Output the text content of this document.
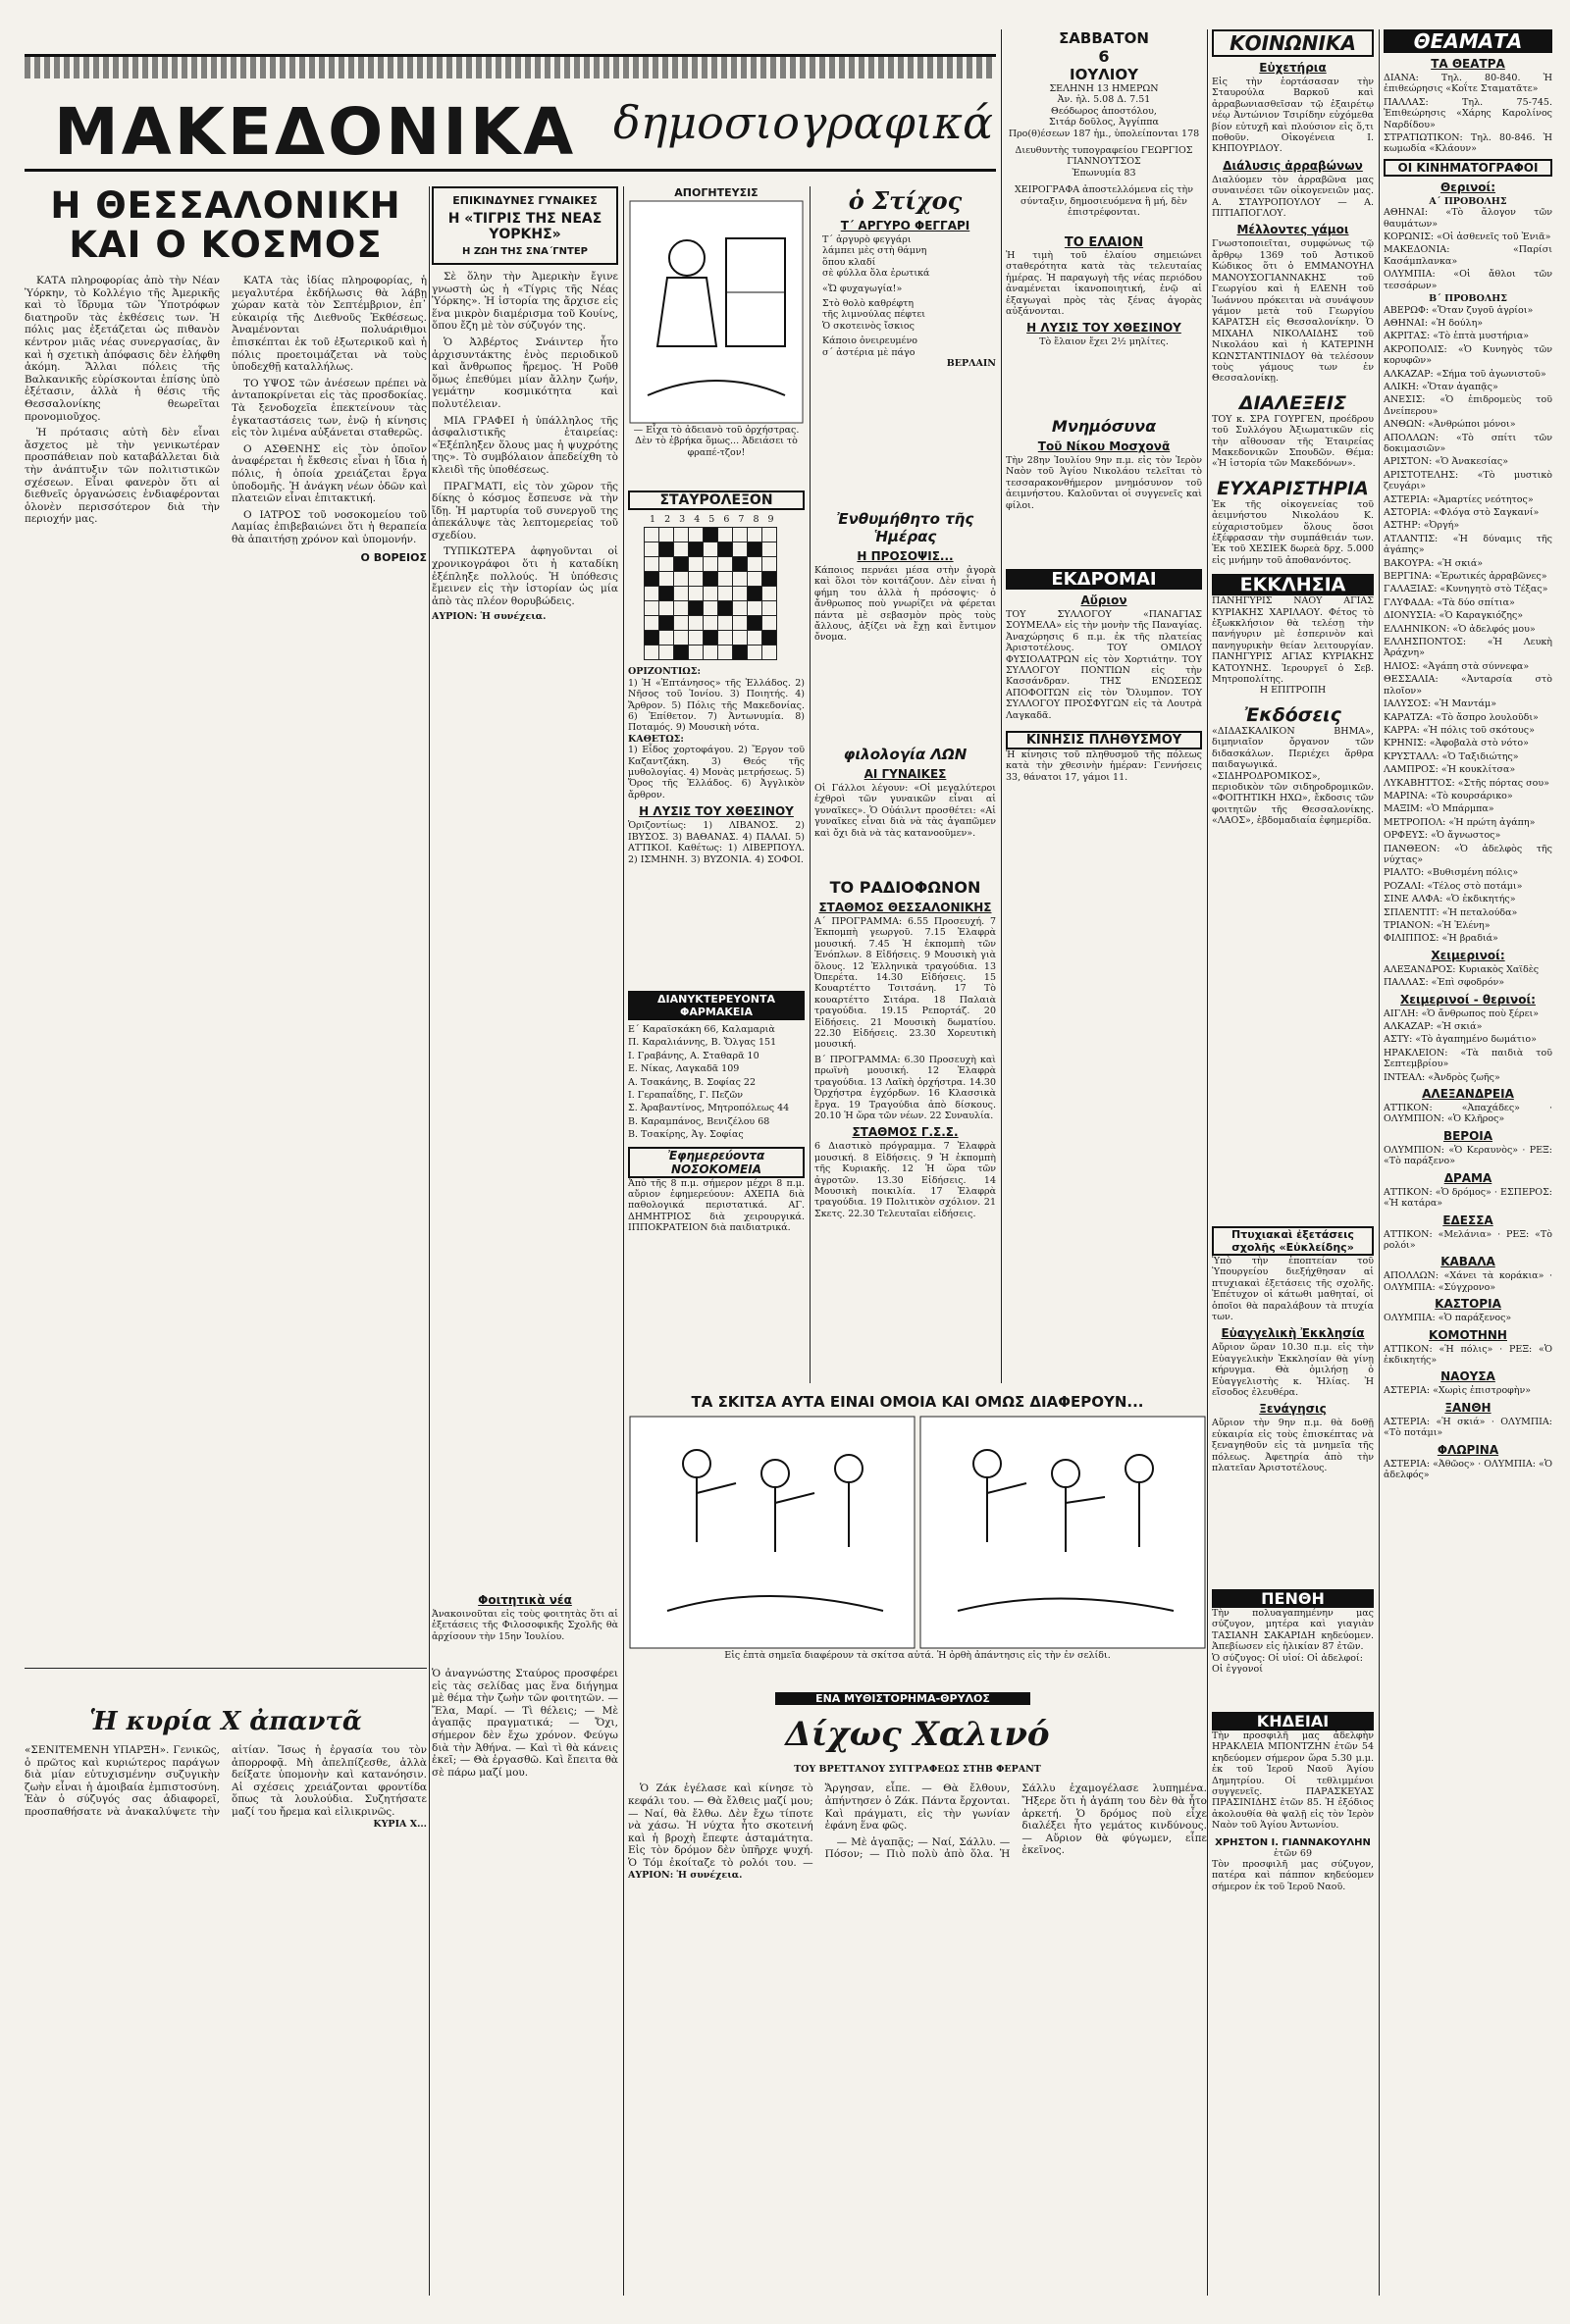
ΜΑΚΕΔΟΝΙΚΑ δημοσιογραφικά
ΣΑΒΒΑΤΟΝ
6
ΙΟΥΛΙΟΥ
ΣΕΛΗΝΗ 13 ΗΜΕΡΩΝ
Ἀν. ἡλ. 5.08 Δ. 7.51
Θεόδωρος ἀποστόλου,
Σιτάρ δοῦλος, Ἀγγίππα
Προ(θ)έσεων 187 ἡμ., ὑπολείπονται 178
Διευθυντὴς τυπογραφείου ΓΕΩΡΓΙΟΣ ΓΙΑΝΝΟΥΤΣΟΣ
Ἐπωνυμία 83
ΧΕΙΡΟΓΡΑΦΑ ἀποστελλόμενα εἰς τὴν σύνταξιν, δημοσιευόμενα ἢ μή, δὲν ἐπιστρέφονται.
ΚΟΙΝΩΝΙΚΑ
Εὐχετήρια
Εἰς τὴν ἑορτάσασαν τὴν Σταυρούλα Βαρκοῦ καὶ ἀρραβωνιασθεῖσαν τῷ ἐξαιρέτῳ νέῳ Ἀντώνιον Τσιρίδην εὐχόμεθα βίον εὐτυχῆ καὶ πλούσιον εἰς ὅ,τι ποθοῦν. Οἰκογένεια Ι. ΚΗΠΟΥΡΙΔΟΥ.
Διάλυσις ἀρραβώνων
Διαλύομεν τὸν ἀρραβῶνα μας συναινέσει τῶν οἰκογενειῶν μας. Α. ΣΤΑΥΡΟΠΟΥΛΟΥ — Α. ΠΙΤΙΑΠΟΓΛΟΥ.
Μέλλοντες γάμοι
Γνωστοποιεῖται, συμφώνως τῷ ἄρθρῳ 1369 τοῦ Ἀστικοῦ Κώδικος ὅτι ὁ ΕΜΜΑΝΟΥΗΛ ΜΑΝΟΥΣΟΓΙΑΝΝΑΚΗΣ τοῦ Γεωργίου καὶ ἡ ΕΛΕΝΗ τοῦ Ἰωάννου πρόκειται νὰ συνάψουν γάμον μετὰ τοῦ Γεωργίου ΚΑΡΑΤΣΗ εἰς Θεσσαλονίκην. Ὁ ΜΙΧΑΗΛ ΝΙΚΟΛΑΙΔΗΣ τοῦ Νικολάου καὶ ἡ ΚΑΤΕΡΙΝΗ ΚΩΝΣΤΑΝΤΙΝΙΔΟΥ θὰ τελέσουν τοὺς γάμους των ἐν Θεσσαλονίκῃ.
ΔΙΑΛΕΞΕΙΣ
ΤΟΥ κ. ΣΡΑ ΓΟΥΡΓΕΝ, προέδρου τοῦ Συλλόγου Ἀξιωματικῶν εἰς τὴν αἴθουσαν τῆς Ἑταιρείας Μακεδονικῶν Σπουδῶν. Θέμα: «Ἡ ἱστορία τῶν Μακεδόνων».
ΕΥΧΑΡΙΣΤΗΡΙΑ
Ἐκ τῆς οἰκογενείας τοῦ ἀειμνήστου Νικολάου Κ. εὐχαριστοῦμεν ὅλους ὅσοι ἐξέφρασαν τὴν συμπάθειάν των. Ἐκ τοῦ ΧΕΣΙΕΚ δωρεὰ δρχ. 5.000 εἰς μνήμην τοῦ ἀποθανόντος.
ΕΚΚΛΗΣΙΑ
ΠΑΝΗΓΥΡΙΣ ΝΑΟΥ ΑΓΙΑΣ ΚΥΡΙΑΚΗΣ ΧΑΡΙΛΑΟΥ. Φέτος τὸ ἐξωκκλήσιον θὰ τελέσῃ τὴν πανήγυριν μὲ ἑσπερινὸν καὶ πανηγυρικὴν θείαν λειτουργίαν. ΠΑΝΗΓΥΡΙΣ ΑΓΙΑΣ ΚΥΡΙΑΚΗΣ ΚΑΤΟΥΝΗΣ. Ἰερουργεῖ ὁ Σεβ. Μητροπολίτης.
Η ΕΠΙΤΡΟΠΗ
Ἐκδόσεις
«ΔΙΔΑΣΚΑΛΙΚΟΝ ΒΗΜΑ», διμηνιαῖον ὄργανον τῶν διδασκάλων. Περιέχει ἄρθρα παιδαγωγικά. «ΣΙΔΗΡΟΔΡΟΜΙΚΟΣ», περιοδικὸν τῶν σιδηροδρομικῶν. «ΦΟΙΤΗΤΙΚΗ ΗΧΩ», ἔκδοσις τῶν φοιτητῶν τῆς Θεσσαλονίκης. «ΛΑΟΣ», ἑβδομαδιαία ἐφημερίδα.
ΘΕΑΜΑΤΑ
ΤΑ ΘΕΑΤΡΑ
ΔΙΑΝΑ: Τηλ. 80-840. Ἡ ἐπιθεώρησις «Κοΐτε Σταματᾶτε»
ΠΑΛΛΑΣ: Τηλ. 75-745. Ἐπιθεώρησις «Χάρης Καρολίνος Ναρδίδου»
ΣΤΡΑΤΙΩΤΙΚΟΝ: Τηλ. 80-846. Ἡ κωμωδία «Κλάουν»
ΟΙ ΚΙΝΗΜΑΤΟΓΡΑΦΟΙ
Θερινοί:
Α΄ ΠΡΟΒΟΛΗΣ
ΑΘΗΝΑΙ: «Τὸ ἄλογον τῶν θαυμάτων»
ΚΟΡΩΝΙΣ: «Οἱ ἀσθενεῖς τοῦ Ἐνιᾶ»
ΜΑΚΕΔΟΝΙΑ: «Παρίσι Κασάμπλανκα»
ΟΛΥΜΠΙΑ: «Οἱ ἄθλοι τῶν τεσσάρων»
Β΄ ΠΡΟΒΟΛΗΣ
ΑΒΕΡΩΦ: «Ὅταν ζυγοῦ ἀγρίοι»
ΑΘΗΝΑΙ: «Ἡ δούλη»
ΑΚΡΙΤΑΣ: «Τὸ ἑπτὰ μυστήρια»
ΑΚΡΟΠΟΛΙΣ: «Ὁ Κυνηγὸς τῶν κορυφῶν»
ΑΛΚΑΖΑΡ: «Σήμα τοῦ ἀγωνιστοῦ»
ΑΛΙΚΗ: «Ὅταν ἀγαπᾷς»
ΑΝΕΣΙΣ: «Ὁ ἐπιδρομεὺς τοῦ Δνείπερου»
ΑΝΘΩΝ: «Ἀνθρώποι μόνοι»
ΑΠΟΛΛΩΝ: «Τὸ σπίτι τῶν δοκιμασιῶν»
ΑΡΙΣΤΟΝ: «Ὁ Ἀνακεσίας»
ΑΡΙΣΤΟΤΕΛΗΣ: «Τὸ μυστικὸ ζευγάρι»
ΑΣΤΕΡΙΑ: «Ἀμαρτίες νεότητος»
ΑΣΤΟΡΙΑ: «Φλόγα στὸ Σαγκανί»
ΑΣΤΗΡ: «Ὀργή»
ΑΤΛΑΝΤΙΣ: «Ἡ δύναμις τῆς ἀγάπης»
ΒΑΚΟΥΡΑ: «Ἡ σκιά»
ΒΕΡΓΙΝΑ: «Ἐρωτικές ἀρραβῶνες»
ΓΑΛΑΞΙΑΣ: «Κυνηγητὸ στὸ Τέξας»
ΓΛΥΦΑΔΑ: «Τὰ δύο σπίτια»
ΔΙΟΝΥΣΙΑ: «Ὁ Καραγκιόζης»
ΕΛΛΗΝΙΚΟΝ: «Ὁ ἀδελφός μου»
ΕΛΛΗΣΠΟΝΤΟΣ: «Ἡ Λευκὴ Ἀράχνη»
ΗΛΙΟΣ: «Ἀγάπη στὰ σύννεφα»
ΘΕΣΣΑΛΙΑ: «Ἀνταρσία στὸ πλοῖον»
ΙΑΛΥΣΟΣ: «Ἡ Μαντάμ»
ΚΑΡΑΤΖΑ: «Τὸ ἄσπρο λουλοῦδι»
ΚΑΡΡΑ: «Ἡ πόλις τοῦ σκότους»
ΚΡΗΝΙΣ: «Ἀφοβαλὰ στὸ νότο»
ΚΡΥΣΤΑΛΛ: «Ὁ Ταξιδιώτης»
ΛΑΜΠΡΟΣ: «Ἡ κουκλίτσα»
ΛΥΚΑΒΗΤΤΟΣ: «Στῆς πόρτας σου»
ΜΑΡΙΝΑ: «Τὸ κουρσάρικο»
ΜΑΞΙΜ: «Ὁ Μπάρμπα»
ΜΕΤΡΟΠΟΛ: «Ἡ πρώτη ἀγάπη»
ΟΡΦΕΥΣ: «Ὁ ἄγνωστος»
ΠΑΝΘΕΟΝ: «Ὁ ἀδελφὸς τῆς νύχτας»
ΡΙΑΛΤΟ: «Βυθισμένη πόλις»
ΡΟΖΑΛΙ: «Τέλος στὸ ποτάμι»
ΣΙΝΕ ΑΛΦΑ: «Ὁ ἐκδικητής»
ΣΠΛΕΝΤΙΤ: «Ἡ πεταλούδα»
ΤΡΙΑΝΟΝ: «Ἡ Ἐλένη»
ΦΙΛΙΠΠΟΣ: «Ἡ βραδιά»
Χειμερινοί:
ΑΛΕΞΑΝΔΡΟΣ: Κυριακὸς Χαϊδὲς
ΠΑΛΛΑΣ: «Ἐπὶ σφοδρόν»
Χειμερινοί - θερινοί:
ΑΙΓΛΗ: «Ὁ ἄνθρωπος ποὺ ξέρει»
ΑΛΚΑΖΑΡ: «Ἡ σκιά»
ΑΣΤΥ: «Τὸ ἀγαπημένο δωμάτιο»
ΗΡΑΚΛΕΙΟΝ: «Τὰ παιδιὰ τοῦ Σεπτεμβρίου»
ΙΝΤΕΑΛ: «Ἀνδρὸς ζωῆς»
ΑΛΕΞΑΝΔΡΕΙΑ
ΑΤΤΙΚΟΝ: «Ἀπαχάδες» · ΟΛΥΜΠΙΟΝ: «Ὁ Κλῆρος»
ΒΕΡΟΙΑ
ΟΛΥΜΠΙΟΝ: «Ὁ Κεραυνὸς» · ΡΕΞ: «Τὸ παράξενο»
ΔΡΑΜΑ
ΑΤΤΙΚΟΝ: «Ὁ δρόμος» · ΕΣΠΕΡΟΣ: «Ἡ κατάρα»
ΕΔΕΣΣΑ
ΑΤΤΙΚΟΝ: «Μελάνια» · ΡΕΞ: «Τὸ ρολόι»
ΚΑΒΑΛΑ
ΑΠΟΛΛΩΝ: «Χάνει τὰ κοράκια» · ΟΛΥΜΠΙΑ: «Σύγχρονο»
ΚΑΣΤΟΡΙΑ
ΟΛΥΜΠΙΑ: «Ὁ παράξενος»
ΚΟΜΟΤΗΝΗ
ΑΤΤΙΚΟΝ: «Ἡ πόλις» · ΡΕΞ: «Ὁ ἐκδικητής»
ΝΑΟΥΣΑ
ΑΣΤΕΡΙΑ: «Χωρὶς ἐπιστροφὴν»
ΞΑΝΘΗ
ΑΣΤΕΡΙΑ: «Ἡ σκιά» · ΟΛΥΜΠΙΑ: «Τὸ ποτάμι»
ΦΛΩΡΙΝΑ
ΑΣΤΕΡΙΑ: «Ἀθῶος» · ΟΛΥΜΠΙΑ: «Ὁ ἀδελφός»
Η ΘΕΣΣΑΛΟΝΙΚΗ ΚΑΙ Ο ΚΟΣΜΟΣ

ΚΑΤΑ πληροφορίας ἀπὸ τὴν Νέαν Ὑόρκην, τὸ Κολλέγιο τῆς Ἀμερικῆς καὶ τὸ ἵδρυμα τῶν Ὑποτρόφων διατηροῦν τὰς ἐκθέσεις των. Ἡ πόλις μας ἐξετάζεται ὡς πιθανὸν κέντρον μιᾶς νέας συνεργασίας, ἂν καὶ ἡ σχετικὴ ἀπόφασις δὲν ἐλήφθη ἀκόμη. Ἄλλαι πόλεις τῆς Βαλκανικῆς εὑρίσκονται ἐπίσης ὑπὸ ἐξέτασιν, ἀλλὰ ἡ θέσις τῆς Θεσσαλονίκης θεωρεῖται προνομιοῦχος.

Ἡ πρότασις αὐτὴ δὲν εἶναι ἄσχετος μὲ τὴν γενικωτέραν προσπάθειαν ποὺ καταβάλλεται διὰ τὴν ἀνάπτυξιν τῶν πολιτιστικῶν σχέσεων. Εἶναι φανερὸν ὅτι αἱ διεθνεῖς ὀργανώσεις ἐνδιαφέρονται ὁλονὲν περισσότερον διὰ τὴν περιοχήν μας.

ΚΑΤΑ τὰς ἰδίας πληροφορίας, ἡ μεγαλυτέρα ἐκδήλωσις θὰ λάβῃ χώραν κατὰ τὸν Σεπτέμβριον, ἐπ᾿ εὐκαιρίᾳ τῆς Διεθνοῦς Ἐκθέσεως. Ἀναμένονται πολυάριθμοι ἐπισκέπται ἐκ τοῦ ἐξωτερικοῦ καὶ ἡ πόλις προετοιμάζεται νὰ τοὺς ὑποδεχθῇ καταλλήλως.

ΤΟ ΥΨΟΣ τῶν ἀνέσεων πρέπει νὰ ἀνταποκρίνεται εἰς τὰς προσδοκίας. Τὰ ξενοδοχεῖα ἐπεκτείνουν τὰς ἐγκαταστάσεις των, ἐνῷ ἡ κίνησις εἰς τὸν λιμένα αὐξάνεται σταθερῶς.

Ο ΑΣΘΕΝΗΣ εἰς τὸν ὁποῖον ἀναφέρεται ἡ ἔκθεσις εἶναι ἡ ἴδια ἡ πόλις, ἡ ὁποία χρειάζεται ἔργα ὑποδομῆς. Ἡ ἀνάγκη νέων ὁδῶν καὶ πλατειῶν εἶναι ἐπιτακτική.

Ο ΙΑΤΡΟΣ τοῦ νοσοκομείου τοῦ Λαμίας ἐπιβεβαιώνει ὅτι ἡ θεραπεία θὰ ἀπαιτήσῃ χρόνον καὶ ὑπομονήν.

Ο ΒΟΡΕΙΟΣ
ΕΠΙΚΙΝΔΥΝΕΣ ΓΥΝΑΙΚΕΣ
Η «ΤΙΓΡΙΣ ΤΗΣ ΝΕΑΣ ΥΟΡΚΗΣ»
Η ΖΩΗ ΤΗΣ ΣΝΑ΄ΓΝΤΕΡ

Σὲ ὅλην τὴν Ἀμερικὴν ἔγινε γνωστὴ ὡς ἡ «Τίγρις τῆς Νέας Ὑόρκης». Ἡ ἱστορία της ἄρχισε εἰς ἕνα μικρὸν διαμέρισμα τοῦ Κουίνς, ὅπου ἔζη μὲ τὸν σύζυγόν της.

Ὁ Ἀλβέρτος Σνάιντερ ἦτο ἀρχισυντάκτης ἑνὸς περιοδικοῦ καὶ ἄνθρωπος ἤρεμος. Ἡ Ροῦθ ὅμως ἐπεθύμει μίαν ἄλλην ζωήν, γεμάτην κοσμικότητα καὶ πολυτέλειαν.

ΜΙΑ ΓΡΑΦΕΙ ἡ ὑπάλληλος τῆς ἀσφαλιστικῆς ἑταιρείας: «Ἐξέπληξεν ὅλους μας ἡ ψυχρότης της». Τὸ συμβόλαιον ἀπεδείχθη τὸ κλειδὶ τῆς ὑποθέσεως.

ΠΡΑΓΜΑΤΙ, εἰς τὸν χῶρον τῆς δίκης ὁ κόσμος ἔσπευσε νὰ τὴν ἴδῃ. Ἡ μαρτυρία τοῦ συνεργοῦ της ἀπεκάλυψε τὰς λεπτομερείας τοῦ σχεδίου.

ΤΥΠΙΚΩΤΕΡΑ ἀφηγοῦνται οἱ χρονικογράφοι ὅτι ἡ καταδίκη ἐξέπληξε πολλούς. Ἡ ὑπόθεσις ἔμεινεν εἰς τὴν ἱστορίαν ὡς μία ἀπὸ τὰς πλέον θορυβώδεις.

ΑΥΡΙΟΝ: Ἡ συνέχεια.
ΑΠΟΓΗΤΕΥΣΙΣ
— Εἶχα τὸ ἀδειανὸ τοῦ ὀρχήστρας. Δὲν τὸ ἐβρήκα ὅμως... Ἀδειάσει τὸ φραπέ-τζον!
ὁ Στίχος
Τ΄ ΑΡΓΥΡΟ ΦΕΓΓΑΡΙ
Τ΄ ἀργυρὸ φεγγάρι
λάμπει μὲς στὴ θάμνη
ὅπου κλαδί
σὲ φύλλα ὅλα ἐρωτικά
«Ὤ φυχαγωγία!»
Στὸ θολὸ καθρέφτη
τῆς λιμνούλας πέφτει
Ὁ σκοτεινὸς ἴσκιος
Κάποιο ὀνειρευμένο
σ΄ ἀστέρια μὲ πάγο
ΒΕΡΛΑΙΝ
ΣΤΑΥΡΟΛΕΞΟΝ
1 2 3 4 5 6 7 8 9

ΟΡΙΖΟΝΤΙΩΣ:
1) Ἡ «Ἑπτάνησος» τῆς Ἑλλάδος. 2) Νῆσος τοῦ Ἰονίου. 3) Ποιητής. 4) Ἄρθρον. 5) Πόλις τῆς Μακεδονίας. 6) Ἐπίθετον. 7) Ἀντωνυμία. 8) Ποταμός. 9) Μουσικὴ νότα.
ΚΑΘΕΤΩΣ:
1) Εἶδος χορτοφάγου. 2) Ἔργον τοῦ Καζαντζάκη. 3) Θεός τῆς μυθολογίας. 4) Μονὰς μετρήσεως. 5) Ὄρος τῆς Ἑλλάδος. 6) Ἀγγλικὸν ἄρθρον.
Η ΛΥΣΙΣ ΤΟΥ ΧΘΕΣΙΝΟΥ
Ὁριζοντίως: 1) ΛΙΒΑΝΟΣ. 2) ΙΒΥΣΟΣ. 3) ΒΑΘΑΝΑΣ. 4) ΠΑΛΑΙ. 5) ΑΤΤΙΚΟΙ. Καθέτως: 1) ΛΙΒΕΡΠΟΥΛ. 2) ΙΣΜΗΝΗ. 3) ΒΥΖΟΝΙΑ. 4) ΣΟΦΟΙ.
Ἐνθυμήθητο τῆς Ἡμέρας
Η ΠΡΟΣΟΨΙΣ...
Κάποιος περνάει μέσα στὴν ἀγορὰ καὶ ὅλοι τὸν κοιτάζουν. Δὲν εἶναι ἡ φήμη του ἀλλὰ ἡ πρόσοψις· ὁ ἄνθρωπος ποὺ γνωρίζει νὰ φέρεται πάντα μὲ σεβασμὸν πρὸς τοὺς ἄλλους, ἀξίζει νὰ ἔχῃ καὶ ἔντιμον ὄνομα.
φιλολογία ΛΩΝ
ΑΙ ΓΥΝΑΙΚΕΣ
Οἱ Γάλλοι λέγουν: «Οἱ μεγαλύτεροι ἐχθροὶ τῶν γυναικῶν εἶναι αἱ γυναῖκες». Ὁ Οὐάιλντ προσθέτει: «Αἱ γυναῖκες εἶναι διὰ νὰ τὰς ἀγαπῶμεν καὶ ὄχι διὰ νὰ τὰς κατανοοῦμεν».
ΤΟ ΡΑΔΙΟΦΩΝΟΝ
ΣΤΑΘΜΟΣ ΘΕΣΣΑΛΟΝΙΚΗΣ
Α΄ ΠΡΟΓΡΑΜΜΑ: 6.55 Προσευχή. 7 Ἐκπομπὴ γεωργοῦ. 7.15 Ἑλαφρὰ μουσική. 7.45 Ἡ ἐκπομπὴ τῶν Ἐνόπλων. 8 Εἰδήσεις. 9 Μουσικὴ γιὰ ὅλους. 12 Ἐλληνικὰ τραγούδια. 13 Ὀπερέτα. 14.30 Εἰδήσεις. 15 Κουαρτέττο Τσιτσάνη. 17 Τὸ κουαρτέττο Σιτάρα. 18 Παλαιὰ τραγούδια. 19.15 Ρεπορτάζ. 20 Εἰδήσεις. 21 Μουσικὴ δωματίου. 22.30 Εἰδήσεις. 23.30 Χορευτικὴ μουσική.
Β΄ ΠΡΟΓΡΑΜΜΑ: 6.30 Προσευχὴ καὶ πρωϊνὴ μουσική. 12 Ἐλαφρὰ τραγούδια. 13 Λαϊκὴ ὀρχήστρα. 14.30 Ὀρχήστρα ἐγχόρδων. 16 Κλασσικὰ ἔργα. 19 Τραγούδια ἀπὸ δίσκους. 20.10 Ἡ ὥρα τῶν νέων. 22 Συναυλία.
ΣΤΑΘΜΟΣ Γ.Σ.Σ.
6 Διαστικὸ πρόγραμμα. 7 Ἐλαφρὰ μουσική. 8 Εἰδήσεις. 9 Ἡ ἐκπομπὴ τῆς Κυριακῆς. 12 Ἡ ὥρα τῶν ἀγροτῶν. 13.30 Εἰδήσεις. 14 Μουσικὴ ποικιλία. 17 Ἐλαφρὰ τραγούδια. 19 Πολιτικὸν σχόλιον. 21 Σκετς. 22.30 Τελευταῖαι εἰδήσεις.
ΔΙΑΝΥΚΤΕΡΕΥΟΝΤΑ ΦΑΡΜΑΚΕΙΑ
Ε΄ Καραϊσκάκη 66, Καλαμαριὰ
Π. Καραλιάννης, Β. Ὄλγας 151
Ι. Γραβάνης, Α. Σταθαρᾶ 10
Ε. Νίκας, Λαγκαδᾶ 109
Α. Τσακάνης, Β. Σοφίας 22
Ι. Γεραπαΐδης, Γ. Πεζῶν
Σ. Ἀραβαντίνος, Μητροπόλεως 44
Β. Καραμπάνος, Βενιζέλου 68
Β. Τσακίρης, Ἁγ. Σοφίας
Ἐφημερεύοντα ΝΟΣΟΚΟΜΕΙΑ
Ἀπὸ τῆς 8 π.μ. σήμερον μέχρι 8 π.μ. αὔριον ἐφημερεύουν: ΑΧΕΠΑ διὰ παθολογικά περιστατικά. ΑΓ. ΔΗΜΗΤΡΙΟΣ διὰ χειρουργικά. ΙΠΠΟΚΡΑΤΕΙΟΝ διὰ παιδιατρικά.
ΤΟ ΕΛΑΙΟΝ
Ἡ τιμὴ τοῦ ἐλαίου σημειώνει σταθερότητα κατὰ τὰς τελευταίας ἡμέρας. Ἡ παραγωγὴ τῆς νέας περιόδου ἀναμένεται ἱκανοποιητική, ἐνῷ αἱ ἐξαγωγαὶ πρὸς τὰς ξένας ἀγορὰς αὐξάνονται.
Η ΛΥΣΙΣ ΤΟΥ ΧΘΕΣΙΝΟΥ
Τὸ ἔλαιον ἔχει 2½ μηλίτες.
Μνημόσυνα
Τοῦ Νίκου Μοσχονᾶ
Τὴν 28ην Ἰουλίου 9ην π.μ. εἰς τὸν Ἱερὸν Ναὸν τοῦ Ἁγίου Νικολάου τελεῖται τὸ τεσσαρακονθήμερον μνημόσυνον τοῦ ἀειμνήστου. Καλοῦνται οἱ συγγενεῖς καὶ φίλοι.
ΕΚΔΡΟΜΑΙ
Αὔριον
ΤΟΥ ΣΥΛΛΟΓΟΥ «ΠΑΝΑΓΙΑΣ ΣΟΥΜΕΛΑ» εἰς τὴν μονὴν τῆς Παναγίας. Ἀναχώρησις 6 π.μ. ἐκ τῆς πλατείας Ἀριστοτέλους. ΤΟΥ ΟΜΙΛΟΥ ΦΥΣΙΟΛΑΤΡΩΝ εἰς τὸν Χορτιάτην. ΤΟΥ ΣΥΛΛΟΓΟΥ ΠΟΝΤΙΩΝ εἰς τὴν Κασσάνδραν. ΤΗΣ ΕΝΩΣΕΩΣ ΑΠΟΦΟΙΤΩΝ εἰς τὸν Ὄλυμπον. ΤΟΥ ΣΥΛΛΟΓΟΥ ΠΡΟΣΦΥΓΩΝ εἰς τὰ Λουτρὰ Λαγκαδᾶ.
ΚΙΝΗΣΙΣ ΠΛΗΘΥΣΜΟΥ
Ἡ κίνησις τοῦ πληθυσμοῦ τῆς πόλεως κατὰ τὴν χθεσινὴν ἡμέραν: Γεννήσεις 33, θάνατοι 17, γάμοι 11.
Πτυχιακαὶ ἐξετάσεις σχολῆς «Εὐκλείδης»
Ὑπὸ τὴν ἐποπτείαν τοῦ Ὑπουργείου διεξήχθησαν αἱ πτυχιακαὶ ἐξετάσεις τῆς σχολῆς. Ἐπέτυχον οἱ κάτωθι μαθηταί, οἱ ὁποῖοι θὰ παραλάβουν τὰ πτυχία των.
Εὐαγγελικὴ Ἐκκλησία
Αὔριον ὥραν 10.30 π.μ. εἰς τὴν Εὐαγγελικὴν Ἐκκλησίαν θὰ γίνῃ κήρυγμα. Θὰ ὁμιλήσῃ ὁ Εὐαγγελιστὴς κ. Ἠλίας. Ἡ εἴσοδος ἐλευθέρα.
Ξενάγησις
Αὔριον τὴν 9ην π.μ. θὰ δοθῇ εὐκαιρία εἰς τοὺς ἐπισκέπτας νὰ ξεναγηθοῦν εἰς τὰ μνημεῖα τῆς πόλεως. Ἀφετηρία ἀπὸ τὴν πλατεῖαν Ἀριστοτέλους.
ΠΕΝΘΗ
Τὴν πολυαγαπημένην μας σύζυγον, μητέρα καὶ γιαγιὰν ΤΑΣΙΑΝΗ ΣΑΚΑΡΙΔΗ κηδεύομεν. Ἀπεβίωσεν εἰς ἡλικίαν 87 ἐτῶν.
Ὁ σύζυγος: Οἱ υἱοί: Οἱ ἀδελφοί: Οἱ ἐγγονοί
ΚΗΔΕΙΑΙ
Τὴν προσφιλῆ μας ἀδελφὴν ΗΡΑΚΛΕΙΑ ΜΠΟΝΤΖΗΝ ἐτῶν 54 κηδεύομεν σήμερον ὥρα 5.30 μ.μ. ἐκ τοῦ Ἱεροῦ Ναοῦ Ἁγίου Δημητρίου. Οἱ τεθλιμμένοι συγγενεῖς. ΠΑΡΑΣΚΕΥΑΣ ΠΡΑΣΙΝΙΔΗΣ ἐτῶν 85. Ἡ ἐξόδιος ἀκολουθία θὰ ψαλῇ εἰς τὸν Ἱερὸν Ναὸν τοῦ Ἁγίου Ἀντωνίου.
ΧΡΗΣΤΟΝ Ι. ΓΙΑΝΝΑΚΟΥΛΗΝ
ἐτῶν 69
Τὸν προσφιλῆ μας σύζυγον, πατέρα καὶ πάππον κηδεύομεν σήμερον ἐκ τοῦ Ἱεροῦ Ναοῦ.
Φοιτητικὰ νέα
Ἀνακοινοῦται εἰς τοὺς φοιτητὰς ὅτι αἱ ἐξετάσεις τῆς Φιλοσοφικῆς Σχολῆς θὰ ἀρχίσουν τὴν 15ην Ἰουλίου.
ΤΑ ΣΚΙΤΣΑ ΑΥΤΑ ΕΙΝΑΙ ΟΜΟΙΑ ΚΑΙ ΟΜΩΣ ΔΙΑΦΕΡΟΥΝ...
Εἰς ἑπτὰ σημεῖα διαφέρουν τὰ σκίτσα αὐτά. Ἡ ὀρθὴ ἀπάντησις εἰς τὴν ἐν σελίδι.
Ἡ κυρία Χ ἀπαντᾶ
«ΣΕΝΙΤΕΜΕΝΗ ΥΠΑΡΞΗ». Γενικῶς, ὁ πρῶτος καὶ κυριώτερος παράγων διὰ μίαν εὐτυχισμένην συζυγικὴν ζωὴν εἶναι ἡ ἀμοιβαία ἐμπιστοσύνη. Ἐὰν ὁ σύζυγός σας ἀδιαφορεῖ, προσπαθήσατε νὰ ἀνακαλύψετε τὴν αἰτίαν. Ἴσως ἡ ἐργασία του τὸν ἀπορροφᾷ. Μὴ ἀπελπίζεσθε, ἀλλὰ δείξατε ὑπομονὴν καὶ κατανόησιν. Αἱ σχέσεις χρειάζονται φροντίδα ὅπως τὰ λουλούδια. Συζητήσατε μαζί του ἤρεμα καὶ εἰλικρινῶς.
ΚΥΡΙΑ Χ...
Ὁ ἀναγνώστης Σταύρος προσφέρει εἰς τὰς σελίδας μας ἕνα διήγημα μὲ θέμα τὴν ζωὴν τῶν φοιτητῶν. — Ἔλα, Μαρί. — Τὶ θέλεις; — Μὲ ἀγαπᾷς πραγματικά; — Ὄχι, σήμερον δὲν ἔχω χρόνον. Φεύγω διὰ τὴν Ἀθήνα. — Καὶ τὶ θὰ κάνεις ἐκεῖ; — Θὰ ἐργασθῶ. Καὶ ἔπειτα θὰ σὲ πάρω μαζί μου.
ΕΝΑ ΜΥΘΙΣΤΟΡΗΜΑ-ΘΡΥΛΟΣ
Δίχως Χαλινό
ΤΟΥ ΒΡΕΤΤΑΝΟΥ ΣΥΓΓΡΑΦΕΩΣ ΣΤΗΒ ΦΕΡΑΝΤ

Ὁ Ζάκ ἐγέλασε καὶ κίνησε τὸ κεφάλι του. — Θὰ ἔλθεις μαζί μου; — Ναί, θὰ ἔλθω. Δὲν ἔχω τίποτε νὰ χάσω. Ἡ νύχτα ἦτο σκοτεινή καὶ ἡ βροχὴ ἔπεφτε ἀσταμάτητα. Εἰς τὸν δρόμον δὲν ὑπῆρχε ψυχή. Ὁ Τόμ ἐκοίταζε τὸ ρολόι του. — Ἄργησαν, εἶπε. — Θὰ ἔλθουν, ἀπήντησεν ὁ Ζάκ. Πάντα ἔρχονται. Καὶ πράγματι, εἰς τὴν γωνίαν ἐφάνη ἕνα φῶς.

— Μὲ ἀγαπᾷς; — Ναί, Σάλλυ. — Πόσον; — Πιὸ πολὺ ἀπὸ ὅλα. Ἡ Σάλλυ ἐχαμογέλασε λυπημένα. Ἤξερε ὅτι ἡ ἀγάπη του δὲν θὰ ἦτο ἀρκετή. Ὁ δρόμος ποὺ εἶχε διαλέξει ἦτο γεμάτος κινδύνους. — Αὔριον θὰ φύγωμεν, εἶπε ἐκεῖνος.

ΑΥΡΙΟΝ: Ἡ συνέχεια.
